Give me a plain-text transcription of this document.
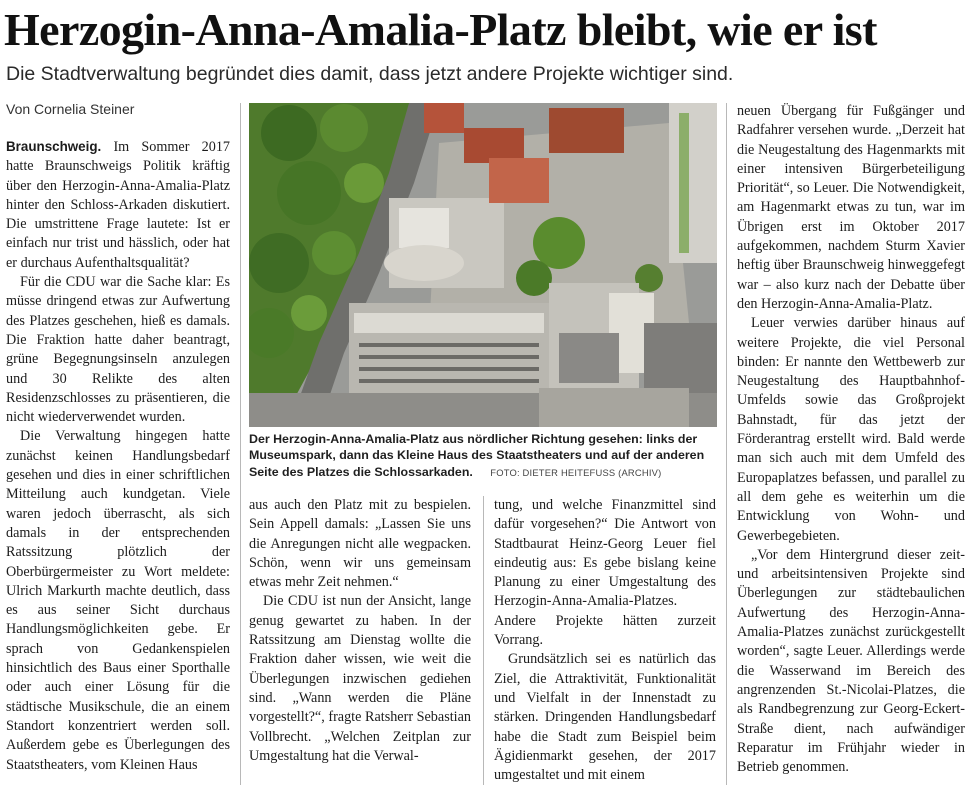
Herzogin-Anna-Amalia-Platz bleibt, wie er ist

Die Stadtverwaltung begründet dies damit, dass jetzt andere Projekte wichtiger sind.

Von Cornelia Steiner
Der Herzogin-Anna-Amalia-Platz aus nördlicher Richtung gesehen: links der Museumspark, dann das Kleine Haus des Staatstheaters und auf der anderen Seite des Platzes die Schlossarkaden. FOTO: DIETER HEITEFUSS (ARCHIV)

Braunschweig. Im Sommer 2017 hatte Braunschweigs Politik kräftig über den Herzogin-Anna-Amalia-Platz hinter den Schloss-Arkaden diskutiert. Die umstrittene Frage lautete: Ist er einfach nur trist und hässlich, oder hat er durchaus Aufenthaltsqualität?

Für die CDU war die Sache klar: Es müsse dringend etwas zur Aufwertung des Platzes geschehen, hieß es damals. Die Fraktion hatte daher beantragt, grüne Begegnungsinseln anzulegen und 30 Relikte des alten Residenzschlosses zu präsentieren, die nicht wiederverwendet wurden.

Die Verwaltung hingegen hatte zunächst keinen Handlungsbedarf gesehen und dies in einer schriftlichen Mitteilung auch kundgetan. Viele waren jedoch überrascht, als sich damals in der entsprechenden Ratssitzung plötzlich der Oberbürgermeister zu Wort meldete: Ulrich Markurth machte deutlich, dass es aus seiner Sicht durchaus Handlungsmöglichkeiten gebe. Er sprach von Gedankenspielen hinsichtlich des Baus einer Sporthalle oder auch einer Lösung für die städtische Musikschule, die an einem Standort konzentriert werden soll. Außerdem gebe es Überlegungen des Staatstheaters, vom Kleinen Haus

aus auch den Platz mit zu bespielen. Sein Appell damals: „Lassen Sie uns die Anregungen nicht alle wegpacken. Schön, wenn wir uns gemeinsam etwas mehr Zeit nehmen.“

Die CDU ist nun der Ansicht, lange genug gewartet zu haben. In der Ratssitzung am Dienstag wollte die Fraktion daher wissen, wie weit die Überlegungen inzwischen gediehen sind. „Wann werden die Pläne vorgestellt?“, fragte Ratsherr Sebastian Vollbrecht. „Welchen Zeitplan zur Umgestaltung hat die Verwal-

tung, und welche Finanzmittel sind dafür vorgesehen?“ Die Antwort von Stadtbaurat Heinz-Georg Leuer fiel eindeutig aus: Es gebe bislang keine Planung zu einer Umgestaltung des Herzogin-Anna-Amalia-Platzes. Andere Projekte hätten zurzeit Vorrang.

Grundsätzlich sei es natürlich das Ziel, die Attraktivität, Funktionalität und Vielfalt in der Innenstadt zu stärken. Dringenden Handlungsbedarf habe die Stadt zum Beispiel beim Ägidienmarkt gesehen, der 2017 umgestaltet und mit einem

neuen Übergang für Fußgänger und Radfahrer versehen wurde. „Derzeit hat die Neugestaltung des Hagenmarkts mit einer intensiven Bürgerbeteiligung Priorität“, so Leuer. Die Notwendigkeit, am Hagenmarkt etwas zu tun, war im Übrigen erst im Oktober 2017 aufgekommen, nachdem Sturm Xavier heftig über Braunschweig hinweggefegt war – also kurz nach der Debatte über den Herzogin-Anna-Amalia-Platz.

Leuer verwies darüber hinaus auf weitere Projekte, die viel Personal binden: Er nannte den Wettbewerb zur Neugestaltung des Hauptbahnhof-Umfelds sowie das Großprojekt Bahnstadt, für das jetzt der Förderantrag erstellt wird. Bald werde man sich auch mit dem Umfeld des Europaplatzes befassen, und parallel zu all dem gehe es weiterhin um die Entwicklung von Wohn- und Gewerbegebieten.

„Vor dem Hintergrund dieser zeit- und arbeitsintensiven Projekte sind Überlegungen zur städtebaulichen Aufwertung des Herzogin-Anna-Amalia-Platzes zunächst zurückgestellt worden“, sagte Leuer. Allerdings werde die Wasserwand im Bereich des angrenzenden St.-Nicolai-Platzes, die als Randbegrenzung zur Georg-Eckert-Straße dient, nach aufwändiger Reparatur im Frühjahr wieder in Betrieb genommen.
